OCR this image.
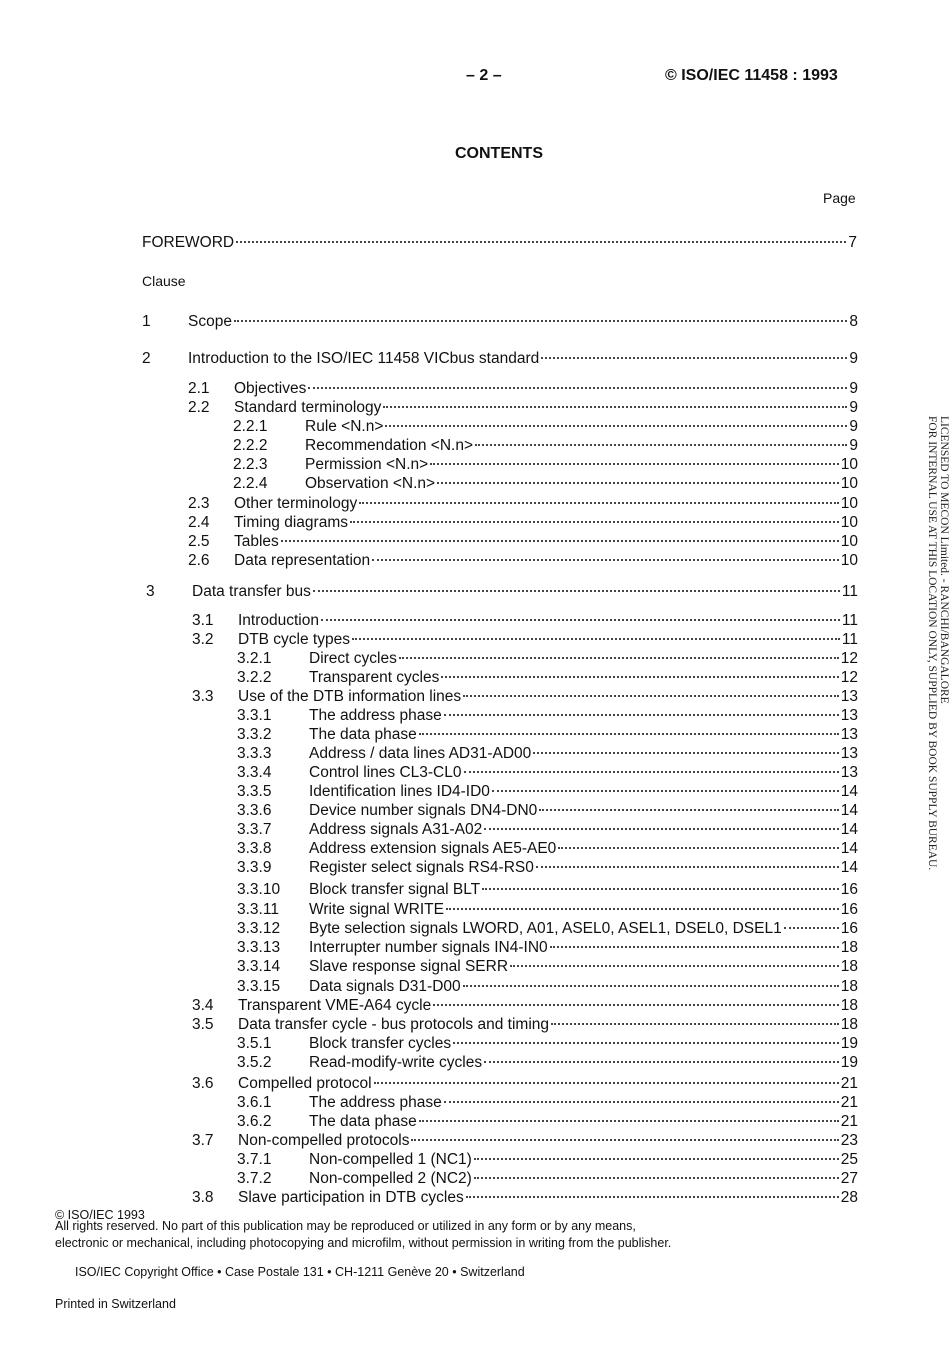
– 2 –	© ISO/IEC 11458 : 1993
CONTENTS
Page
FOREWORD	7
Clause
1	Scope	8
2	Introduction to the ISO/IEC 11458 VICbus standard	9
2.1	Objectives	9
2.2	Standard terminology	9
2.2.1	Rule <N.n>	9
2.2.2	Recommendation <N.n>	9
2.2.3	Permission <N.n>	10
2.2.4	Observation <N.n>	10
2.3	Other terminology	10
2.4	Timing diagrams	10
2.5	Tables	10
2.6	Data representation	10
3	Data transfer bus	11
3.1	Introduction	11
3.2	DTB cycle types	11
3.2.1	Direct cycles	12
3.2.2	Transparent cycles	12
3.3	Use of the DTB information lines	13
3.3.1	The address phase	13
3.3.2	The data phase	13
3.3.3	Address / data lines AD31-AD00	13
3.3.4	Control lines CL3-CL0	13
3.3.5	Identification lines ID4-ID0	14
3.3.6	Device number signals DN4-DN0	14
3.3.7	Address signals A31-A02	14
3.3.8	Address extension signals AE5-AE0	14
3.3.9	Register select signals RS4-RS0	14
3.3.10	Block transfer signal BLT	16
3.3.11	Write signal WRITE	16
3.3.12	Byte selection signals LWORD, A01, ASEL0, ASEL1, DSEL0, DSEL1	16
3.3.13	Interrupter number signals IN4-IN0	18
3.3.14	Slave response signal SERR	18
3.3.15	Data signals D31-D00	18
3.4	Transparent VME-A64 cycle	18
3.5	Data transfer cycle - bus protocols and timing	18
3.5.1	Block transfer cycles	19
3.5.2	Read-modify-write cycles	19
3.6	Compelled protocol	21
3.6.1	The address phase	21
3.6.2	The data phase	21
3.7	Non-compelled protocols	23
3.7.1	Non-compelled 1 (NC1)	25
3.7.2	Non-compelled 2 (NC2)	27
3.8	Slave participation in DTB cycles	28
LICENSED TO MECON Limited. - RANCHI/BANGALORE
FOR INTERNAL USE AT THIS LOCATION ONLY, SUPPLIED BY BOOK SUPPLY BUREAU.
© ISO/IEC 1993
All rights reserved. No part of this publication may be reproduced or utilized in any form or by any means,
electronic or mechanical, including photocopying and microfilm, without permission in writing from the publisher.
ISO/IEC Copyright Office • Case Postale 131 • CH-1211 Genève 20 • Switzerland
Printed in Switzerland
